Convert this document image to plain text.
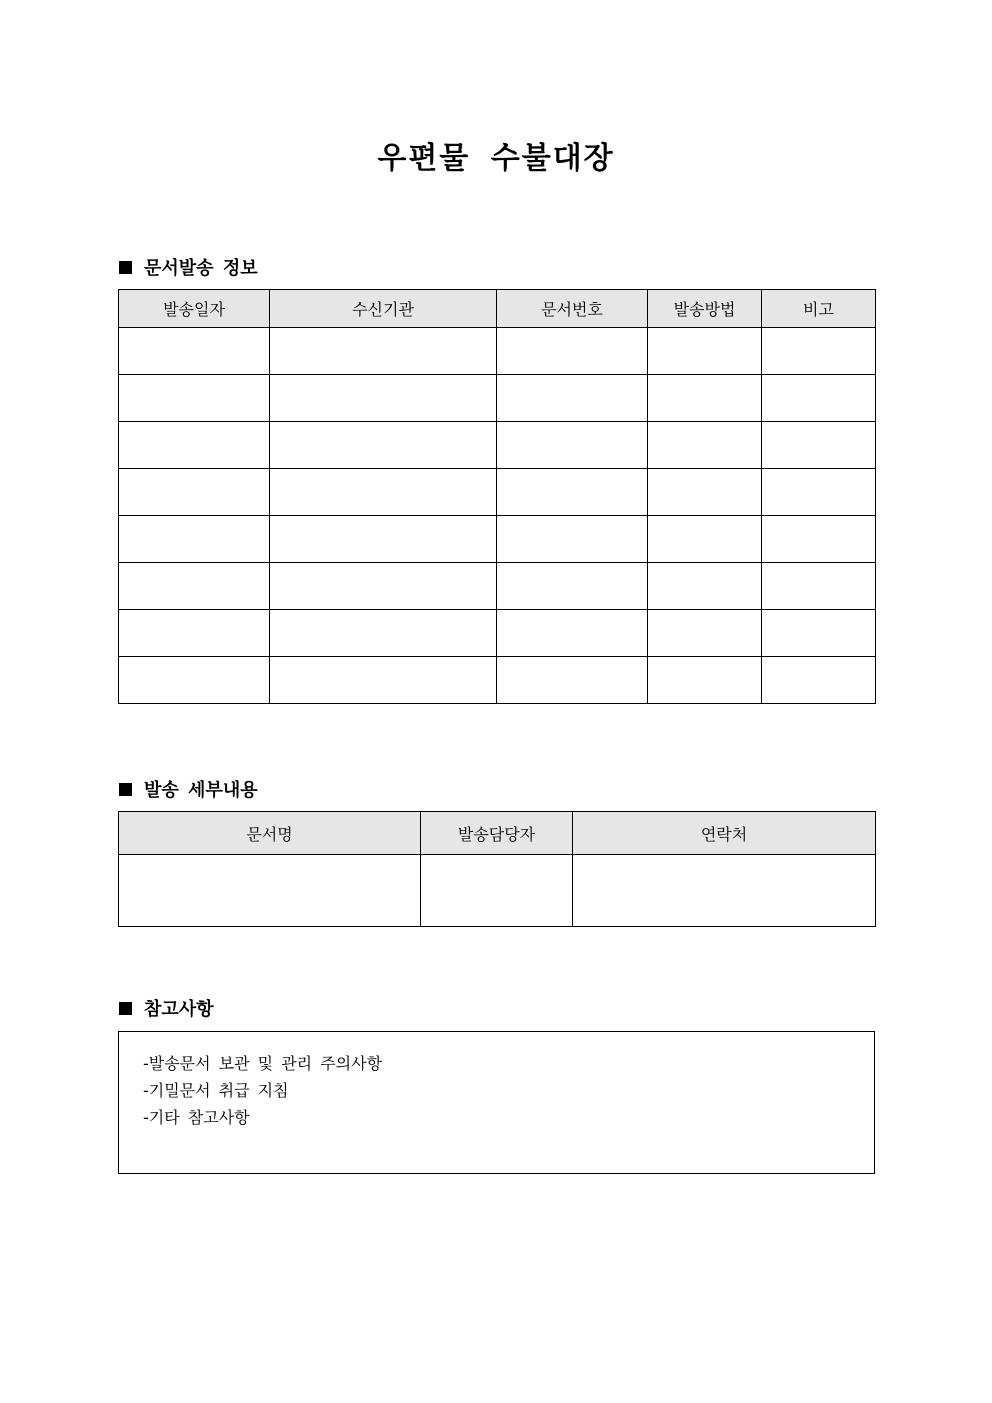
우편물 수불대장
문서발송 정보
발송일자	수신기관	문서번호	발송방법	비고

발송 세부내용
문서명	발송담당자	연락처

참고사항
-발송문서 보관 및 관리 주의사항
-기밀문서 취급 지침
-기타 참고사항
